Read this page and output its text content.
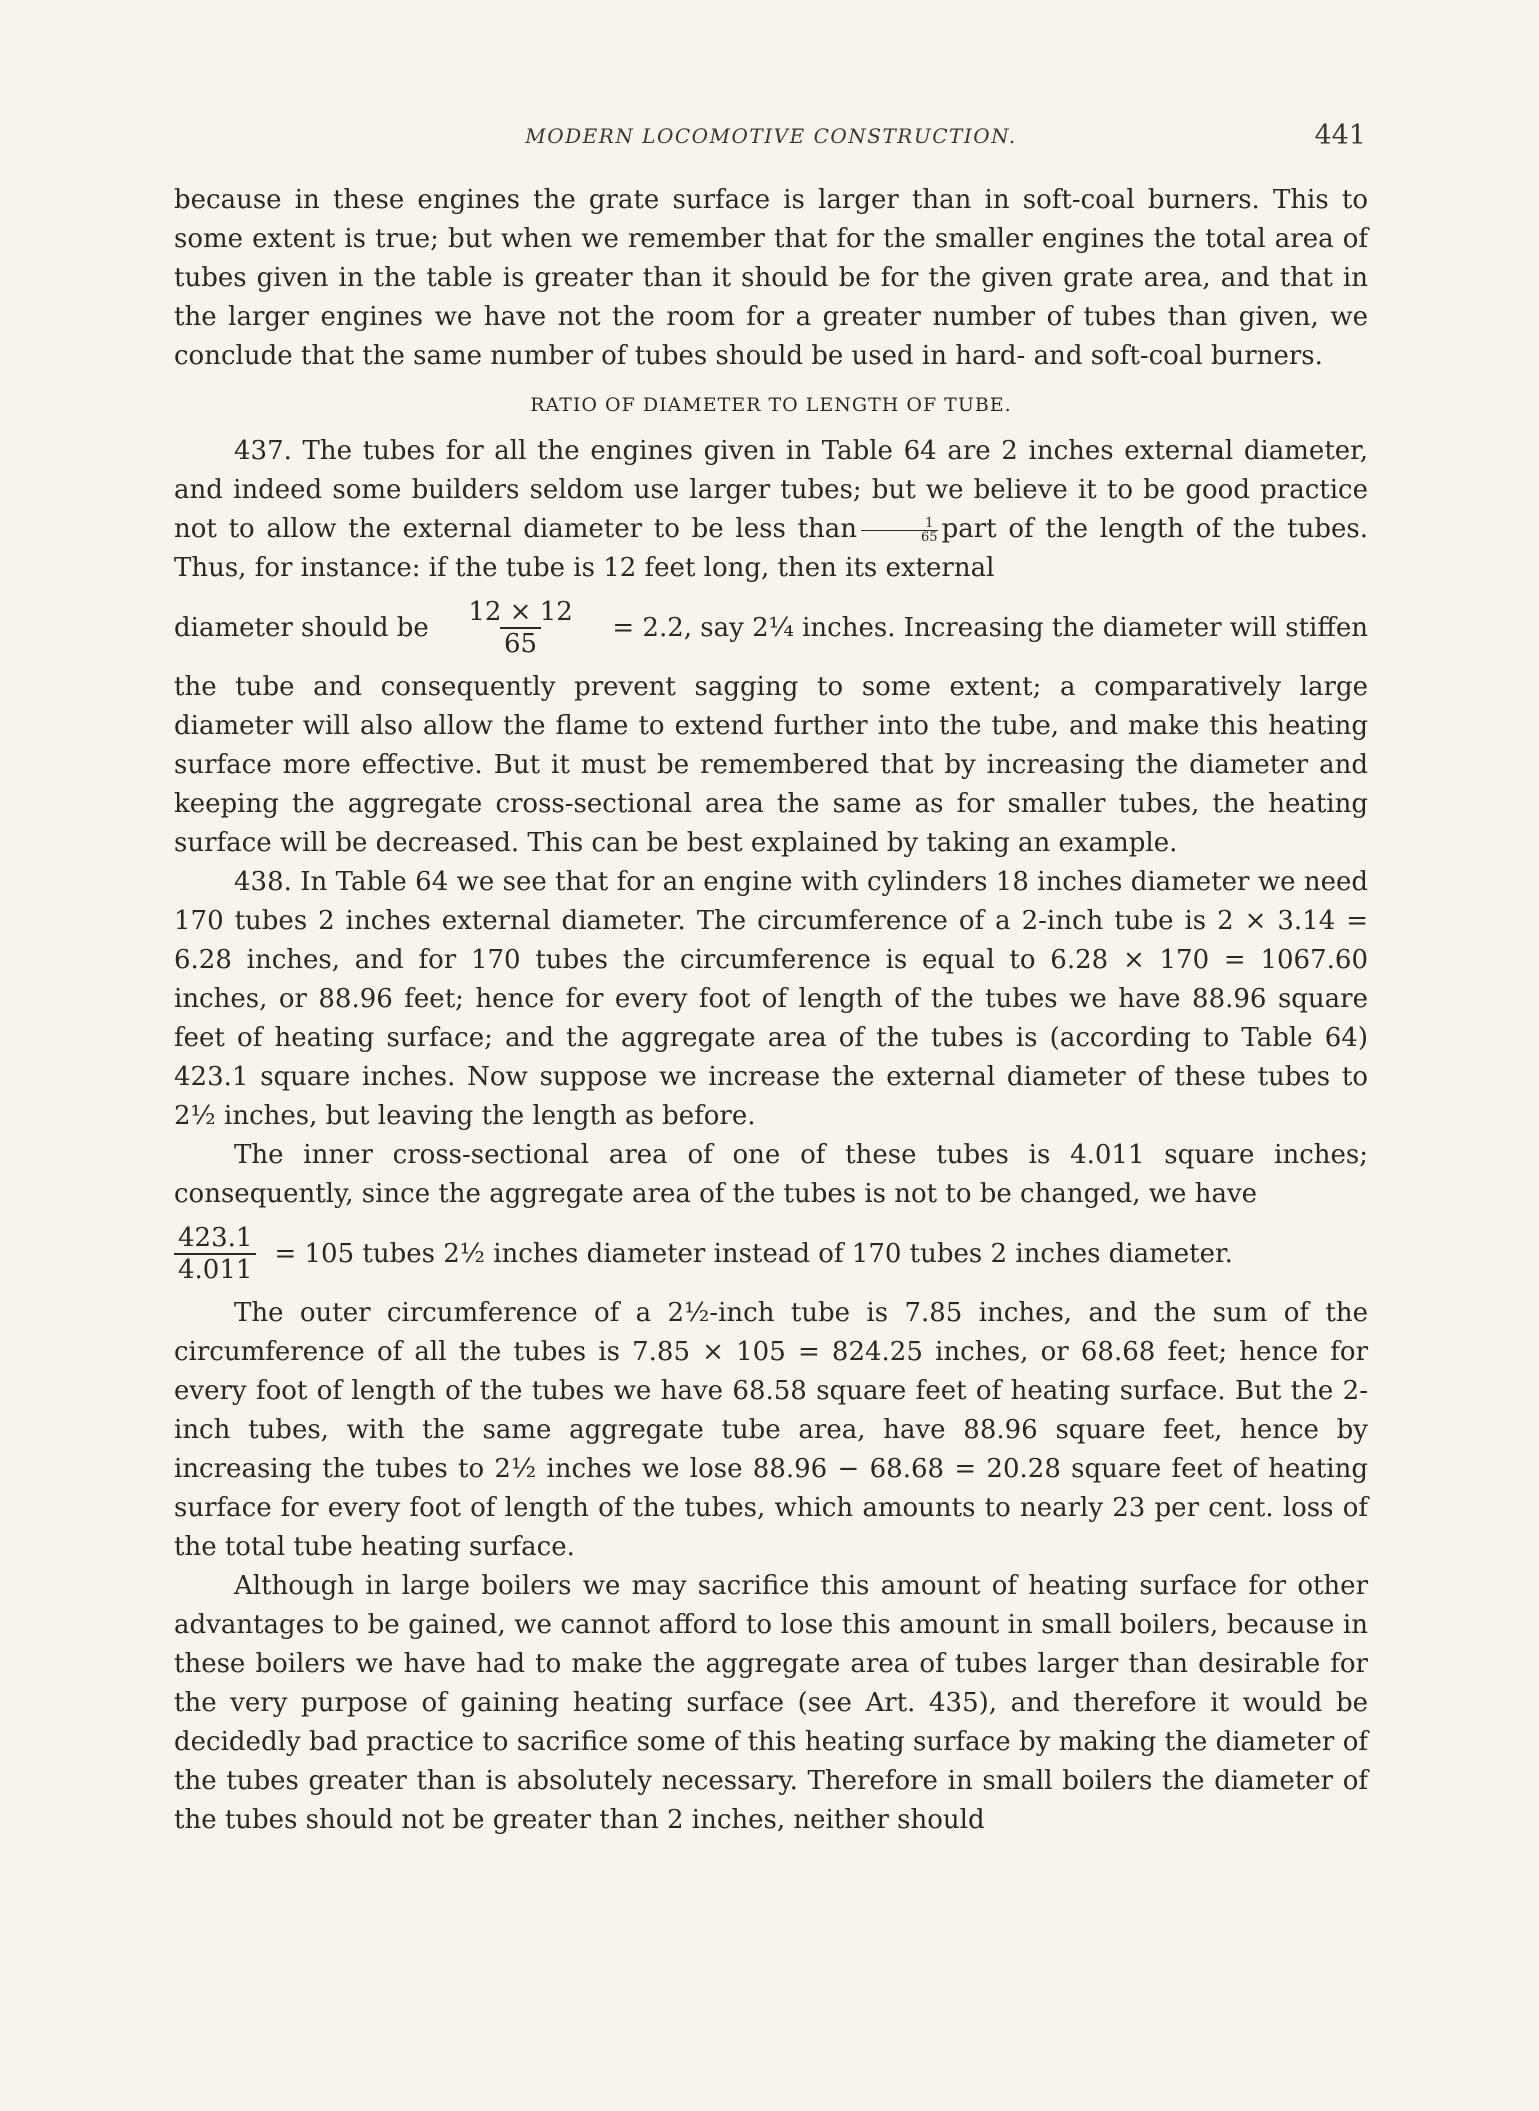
MODERN LOCOMOTIVE CONSTRUCTION.	441

because in these engines the grate surface is larger than in soft-coal burners. This to some extent is true; but when we remember that for the smaller engines the total area of tubes given in the table is greater than it should be for the given grate area, and that in the larger engines we have not the room for a greater number of tubes than given, we conclude that the same number of tubes should be used in hard- and soft-coal burners.

RATIO OF DIAMETER TO LENGTH OF TUBE.

437. The tubes for all the engines given in Table 64 are 2 inches external diameter, and indeed some builders seldom use larger tubes; but we believe it to be good practice not to allow the external diameter to be less than $\frac{1}{65}$ part of the length of the tubes. Thus, for instance: if the tube is 12 feet long, then its external

diameter should be $\frac{12 \times 12}{65} = 2.2$, say 2¼ inches. Increasing the diameter will stiffen

the tube and consequently prevent sagging to some extent; a comparatively large diameter will also allow the flame to extend further into the tube, and make this heating surface more effective. But it must be remembered that by increasing the diameter and keeping the aggregate cross-sectional area the same as for smaller tubes, the heating surface will be decreased. This can be best explained by taking an example.

438. In Table 64 we see that for an engine with cylinders 18 inches diameter we need 170 tubes 2 inches external diameter. The circumference of a 2-inch tube is 2 × 3.14 = 6.28 inches, and for 170 tubes the circumference is equal to 6.28 × 170 = 1067.60 inches, or 88.96 feet; hence for every foot of length of the tubes we have 88.96 square feet of heating surface; and the aggregate area of the tubes is (according to Table 64) 423.1 square inches. Now suppose we increase the external diameter of these tubes to 2½ inches, but leaving the length as before.

The inner cross-sectional area of one of these tubes is 4.011 square inches; consequently, since the aggregate area of the tubes is not to be changed, we have

$\frac{423.1}{4.011} = 105$ tubes 2½ inches diameter instead of 170 tubes 2 inches diameter.

The outer circumference of a 2½-inch tube is 7.85 inches, and the sum of the circumference of all the tubes is 7.85 × 105 = 824.25 inches, or 68.68 feet; hence for every foot of length of the tubes we have 68.58 square feet of heating surface. But the 2-inch tubes, with the same aggregate tube area, have 88.96 square feet, hence by increasing the tubes to 2½ inches we lose 88.96 − 68.68 = 20.28 square feet of heating surface for every foot of length of the tubes, which amounts to nearly 23 per cent. loss of the total tube heating surface.

Although in large boilers we may sacrifice this amount of heating surface for other advantages to be gained, we cannot afford to lose this amount in small boilers, because in these boilers we have had to make the aggregate area of tubes larger than desirable for the very purpose of gaining heating surface (see Art. 435), and therefore it would be decidedly bad practice to sacrifice some of this heating surface by making the diameter of the tubes greater than is absolutely necessary. Therefore in small boilers the diameter of the tubes should not be greater than 2 inches, neither should
